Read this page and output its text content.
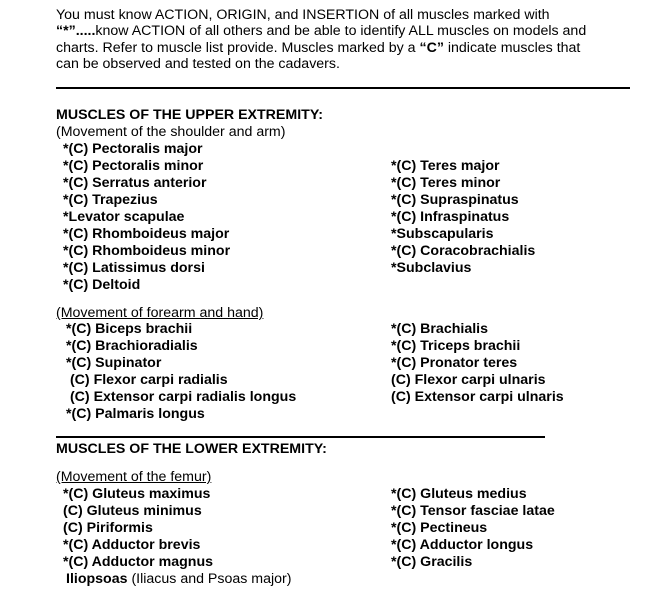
You must know ACTION, ORIGIN, and INSERTION of all muscles marked with
“*”.....know ACTION of all others and be able to identify ALL muscles on models and
charts. Refer to muscle list provide. Muscles marked by a “C” indicate muscles that
can be observed and tested on the cadavers.
MUSCLES OF THE UPPER EXTREMITY:
(Movement of the shoulder and arm)
*(C) Pectoralis major
*(C) Pectoralis minor
*(C) Serratus anterior
*(C) Trapezius
*Levator scapulae
*(C) Rhomboideus major
*(C) Rhomboideus minor
*(C) Latissimus dorsi
*(C) Deltoid
*(C) Teres major
*(C) Teres minor
*(C) Supraspinatus
*(C) Infraspinatus
*Subscapularis
*(C) Coracobrachialis
*Subclavius
(Movement of forearm and hand)
*(C) Biceps brachii
*(C) Brachioradialis
*(C) Supinator
(C) Flexor carpi radialis
(C) Extensor carpi radialis longus
*(C) Palmaris longus
*(C) Brachialis
*(C) Triceps brachii
*(C) Pronator teres
(C) Flexor carpi ulnaris
(C) Extensor carpi ulnaris
MUSCLES OF THE LOWER EXTREMITY:
(Movement of the femur)
*(C) Gluteus maximus
(C) Gluteus minimus
(C) Piriformis
*(C) Adductor brevis
*(C) Adductor magnus
Iliopsoas (Iliacus and Psoas major)
*(C) Gluteus medius
*(C) Tensor fasciae latae
*(C) Pectineus
*(C) Adductor longus
*(C) Gracilis
